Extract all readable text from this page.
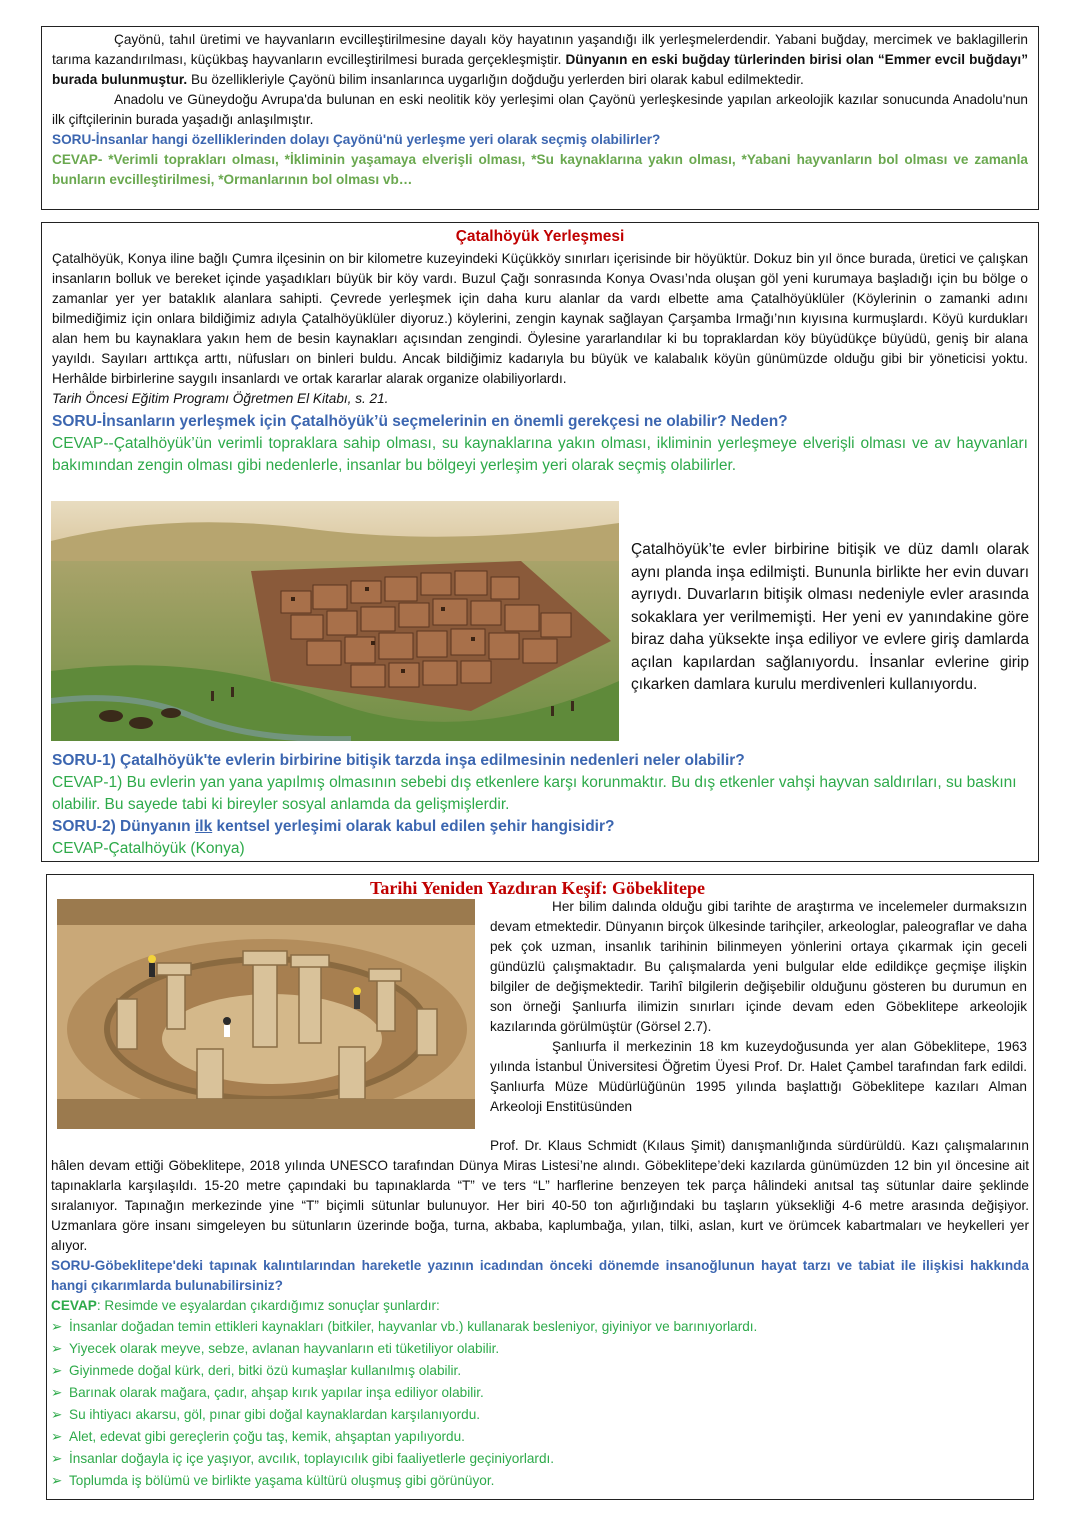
Çayönü, tahıl üretimi ve hayvanların evcilleştirilmesine dayalı köy hayatının yaşandığı ilk yerleşmelerdendir. Yabani buğday, mercimek ve baklagillerin tarıma kazandırılması, küçükbaş hayvanların evcilleştirilmesi burada gerçekleşmiştir. Dünyanın en eski buğday türlerinden birisi olan “Emmer evcil buğdayı” burada bulunmuştur. Bu özellikleriyle Çayönü bilim insanlarınca uygarlığın doğduğu yerlerden biri olarak kabul edilmektedir.

Anadolu ve Güneydoğu Avrupa'da bulunan en eski neolitik köy yerleşimi olan Çayönü yerleşkesinde yapılan arkeolojik kazılar sonucunda Anadolu'nun ilk çiftçilerinin burada yaşadığı anlaşılmıştır.

SORU-İnsanlar hangi özelliklerinden dolayı Çayönü'nü yerleşme yeri olarak seçmiş olabilirler?

CEVAP- *Verimli toprakları olması, *İkliminin yaşamaya elverişli olması, *Su kaynaklarına yakın olması, *Yabani hayvanların bol olması ve zamanla bunların evcilleştirilmesi, *Ormanlarının bol olması vb…

Çatalhöyük Yerleşmesi

Çatalhöyük, Konya iline bağlı Çumra ilçesinin on bir kilometre kuzeyindeki Küçükköy sınırları içerisinde bir höyüktür. Dokuz bin yıl önce burada, üretici ve çalışkan insanların bolluk ve bereket içinde yaşadıkları büyük bir köy vardı. Buzul Çağı sonrasında Konya Ovası’nda oluşan göl yeni kurumaya başladığı için bu bölge o zamanlar yer yer bataklık alanlara sahipti. Çevrede yerleşmek için daha kuru alanlar da vardı elbette ama Çatalhöyüklüler (Köylerinin o zamanki adını bilmediğimiz için onlara bildiğimiz adıyla Çatalhöyüklüler diyoruz.) köylerini, zengin kaynak sağlayan Çarşamba Irmağı’nın kıyısına kurmuşlardı. Köyü kurdukları alan hem bu kaynaklara yakın hem de besin kaynakları açısından zengindi. Öylesine yararlandılar ki bu topraklardan köy büyüdükçe büyüdü, geniş bir alana yayıldı. Sayıları arttıkça arttı, nüfusları on binleri buldu. Ancak bildiğimiz kadarıyla bu büyük ve kalabalık köyün günümüzde olduğu gibi bir yöneticisi yoktu. Herhâlde birbirlerine saygılı insanlardı ve ortak kararlar alarak organize olabiliyorlardı.

Tarih Öncesi Eğitim Programı Öğretmen El Kitabı, s. 21.

SORU-İnsanların yerleşmek için Çatalhöyük’ü seçmelerinin en önemli gerekçesi ne olabilir? Neden?

CEVAP--Çatalhöyük’ün verimli topraklara sahip olması, su kaynaklarına yakın olması, ikliminin yerleşmeye elverişli olması ve av hayvanları bakımından zengin olması gibi nedenlerle, insanlar bu bölgeyi yerleşim yeri olarak seçmiş olabilirler.

Çatalhöyük’te evler birbirine bitişik ve düz damlı olarak aynı planda inşa edilmişti. Bununla birlikte her evin duvarı ayrıydı. Duvarların bitişik olması nedeniyle evler arasında sokaklara yer verilmemişti. Her yeni ev yanındakine göre biraz daha yüksekte inşa ediliyor ve evlere giriş damlarda açılan kapılardan sağlanıyordu. İnsanlar evlerine girip çıkarken damlara kurulu merdivenleri kullanıyordu.

SORU-1) Çatalhöyük'te evlerin birbirine bitişik tarzda inşa edilmesinin nedenleri neler olabilir?

CEVAP-1) Bu evlerin yan yana yapılmış olmasının sebebi dış etkenlere karşı korunmaktır. Bu dış etkenler vahşi hayvan saldırıları, su baskını olabilir. Bu sayede tabi ki bireyler sosyal anlamda da gelişmişlerdir.

SORU-2) Dünyanın ilk kentsel yerleşimi olarak kabul edilen şehir hangisidir?

CEVAP-Çatalhöyük (Konya)

Tarihi Yeniden Yazdıran Keşif: Göbeklitepe

Her bilim dalında olduğu gibi tarihte de araştırma ve incelemeler durmaksızın devam etmektedir. Dünyanın birçok ülkesinde tarihçiler, arkeologlar, paleograflar ve daha pek çok uzman, insanlık tarihinin bilinmeyen yönlerini ortaya çıkarmak için geceli gündüzlü çalışmaktadır. Bu çalışmalarda yeni bulgular elde edildikçe geçmişe ilişkin bilgiler de değişmektedir. Tarihî bilgilerin değişebilir olduğunu gösteren bu durumun en son örneği Şanlıurfa ilimizin sınırları içinde devam eden Göbeklitepe arkeolojik kazılarında görülmüştür (Görsel 2.7).

Şanlıurfa il merkezinin 18 km kuzeydoğusunda yer alan Göbeklitepe, 1963 yılında İstanbul Üniversitesi Öğretim Üyesi Prof. Dr. Halet Çambel tarafından fark edildi. Şanlıurfa Müze Müdürlüğünün 1995 yılında başlattığı Göbeklitepe kazıları Alman Arkeoloji Enstitüsünden

Prof. Dr. Klaus Schmidt (Kılaus Şimit) danışmanlığında sürdürüldü. Kazı çalışmalarının hâlen devam ettiği Göbeklitepe, 2018 yılında UNESCO tarafından Dünya Miras Listesi’ne alındı. Göbeklitepe’deki kazılarda günümüzden 12 bin yıl öncesine ait tapınaklarla karşılaşıldı. 15-20 metre çapındaki bu tapınaklarda “T” ve ters “L” harflerine benzeyen tek parça hâlindeki anıtsal taş sütunlar daire şeklinde sıralanıyor. Tapınağın merkezinde yine “T” biçimli sütunlar bulunuyor. Her biri 40-50 ton ağırlığındaki bu taşların yüksekliği 4-6 metre arasında değişiyor. Uzmanlara göre insanı simgeleyen bu sütunların üzerinde boğa, turna, akbaba, kaplumbağa, yılan, tilki, aslan, kurt ve örümcek kabartmaları ve heykelleri yer alıyor.

SORU-Göbeklitepe'deki tapınak kalıntılarından hareketle yazının icadından önceki dönemde insanoğlunun hayat tarzı ve tabiat ile ilişkisi hakkında hangi çıkarımlarda bulunabilirsiniz?

CEVAP: Resimde ve eşyalardan çıkardığımız sonuçlar şunlardır:

➢ İnsanlar doğadan temin ettikleri kaynakları (bitkiler, hayvanlar vb.) kullanarak besleniyor, giyiniyor ve barınıyorlardı.

➢ Yiyecek olarak meyve, sebze, avlanan hayvanların eti tüketiliyor olabilir.

➢ Giyinmede doğal kürk, deri, bitki özü kumaşlar kullanılmış olabilir.

➢ Barınak olarak mağara, çadır, ahşap kırık yapılar inşa ediliyor olabilir.

➢ Su ihtiyacı akarsu, göl, pınar gibi doğal kaynaklardan karşılanıyordu.

➢ Alet, edevat gibi gereçlerin çoğu taş, kemik, ahşaptan yapılıyordu.

➢ İnsanlar doğayla iç içe yaşıyor, avcılık, toplayıcılık gibi faaliyetlerle geçiniyorlardı.

➢ Toplumda iş bölümü ve birlikte yaşama kültürü oluşmuş gibi görünüyor.
